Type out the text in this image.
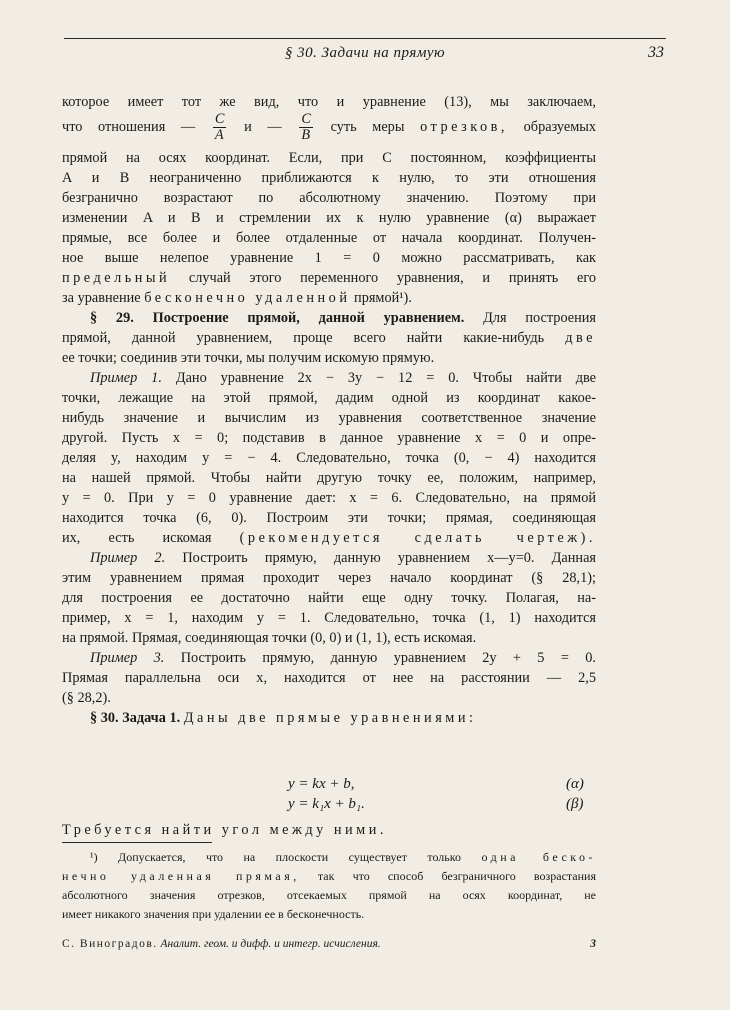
§ 30. Задачи на прямую	33
которое имеет тот же вид, что и уравнение (13), мы заключаем,
что отношения — $\frac{C}{A}$ и — $\frac{C}{B}$ суть меры отрезков, образуемых
прямой на осях координат. Если, при C постоянном, коэффициенты
A и B неограниченно приближаются к нулю, то эти отношения
безгранично возрастают по абсолютному значению. Поэтому при
изменении A и B и стремлении их к нулю уравнение (α) выражает
прямые, все более и более отдаленные от начала координат. Получен-
ное выше нелепое уравнение 1 = 0 можно рассматривать, как
предельный случай этого переменного уравнения, и принять его
за уравнение бесконечно удаленной прямой¹).
§ 29. Построение прямой, данной уравнением. Для построения
прямой, данной уравнением, проще всего найти какие-нибудь две
ее точки; соединив эти точки, мы получим искомую прямую.
Пример 1. Дано уравнение 2x − 3y − 12 = 0. Чтобы найти две
точки, лежащие на этой прямой, дадим одной из координат какое-
нибудь значение и вычислим из уравнения соответственное значение
другой. Пусть x = 0; подставив в данное уравнение x = 0 и опре-
деляя y, находим y = − 4. Следовательно, точка (0, − 4) находится
на нашей прямой. Чтобы найти другую точку ее, положим, например,
y = 0. При y = 0 уравнение дает: x = 6. Следовательно, на прямой
находится точка (6, 0). Построим эти точки; прямая, соединяющая
их, есть искомая (рекомендуется сделать чертеж).
Пример 2. Построить прямую, данную уравнением x—y=0. Данная
этим уравнением прямая проходит через начало координат (§ 28,1);
для построения ее достаточно найти еще одну точку. Полагая, на-
пример, x = 1, находим y = 1. Следовательно, точка (1, 1) находится
на прямой. Прямая, соединяющая точки (0, 0) и (1, 1), есть искомая.
Пример 3. Построить прямую, данную уравнением 2y + 5 = 0.
Прямая параллельна оси x, находится от нее на расстоянии — 2,5
(§ 28,2).
§ 30. Задача 1. Даны две прямые уравнениями:
y = kx + b,	(α)
y = k₁x + b₁.	(β)
Требуется найти угол между ними.
¹) Допускается, что на плоскости существует только одна беско-
нечно удаленная прямая, так что способ безграничного возрастания
абсолютного значения отрезков, отсекаемых прямой на осях координат, не
имеет никакого значения при удалении ее в бесконечность.
С. Виноградов. Аналит. геом. и дифф. и интегр. исчисления.	3
